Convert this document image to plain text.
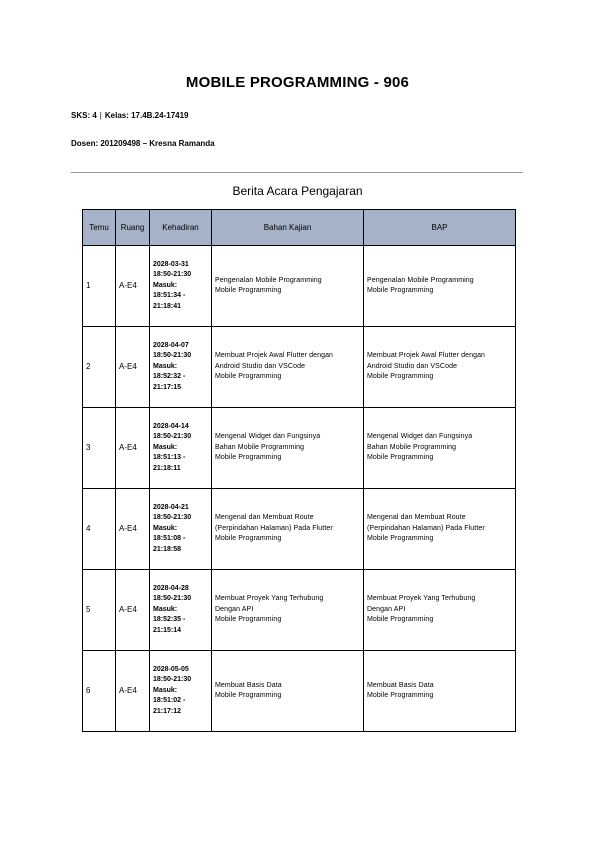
MOBILE PROGRAMMING - 906
SKS: 4 | Kelas: 17.4B.24-17419
Dosen: 201209498 – Kresna Ramanda
Berita Acara Pengajaran
Temu	Ruang	Kehadiran	Bahan Kajian	BAP
1	A-E4	2028-03-31
18:50-21:30
Masuk:
18:51:34 -
21:18:41	Pengenalan Mobile Programming
Mobile Programming	Pengenalan Mobile Programming
Mobile Programming

2	A-E4	2028-04-07
18:50-21:30
Masuk:
18:52:32 -
21:17:15	Membuat Projek Awal Flutter dengan
Android Studio dan VSCode
Mobile Programming	Membuat Projek Awal Flutter dengan
Android Studio dan VSCode
Mobile Programming

3	A-E4	2028-04-14
18:50-21:30
Masuk:
18:51:13 -
21:18:11	Mengenal Widget dan Fungsinya
Bahan Mobile Programming
Mobile Programming	Mengenal Widget dan Fungsinya
Bahan Mobile Programming
Mobile Programming

4	A-E4	2028-04-21
18:50-21:30
Masuk:
18:51:08 -
21:18:58	Mengenal dan Membuat Route
(Perpindahan Halaman) Pada Flutter
Mobile Programming	Mengenal dan Membuat Route
(Perpindahan Halaman) Pada Flutter
Mobile Programming

5	A-E4	2028-04-28
18:50-21:30
Masuk:
18:52:35 -
21:15:14	Membuat Proyek Yang Terhubung
Dengan API
Mobile Programming	Membuat Proyek Yang Terhubung
Dengan API
Mobile Programming

6	A-E4	2028-05-05
18:50-21:30
Masuk:
18:51:02 -
21:17:12	Membuat Basis Data
Mobile Programming	Membuat Basis Data
Mobile Programming
